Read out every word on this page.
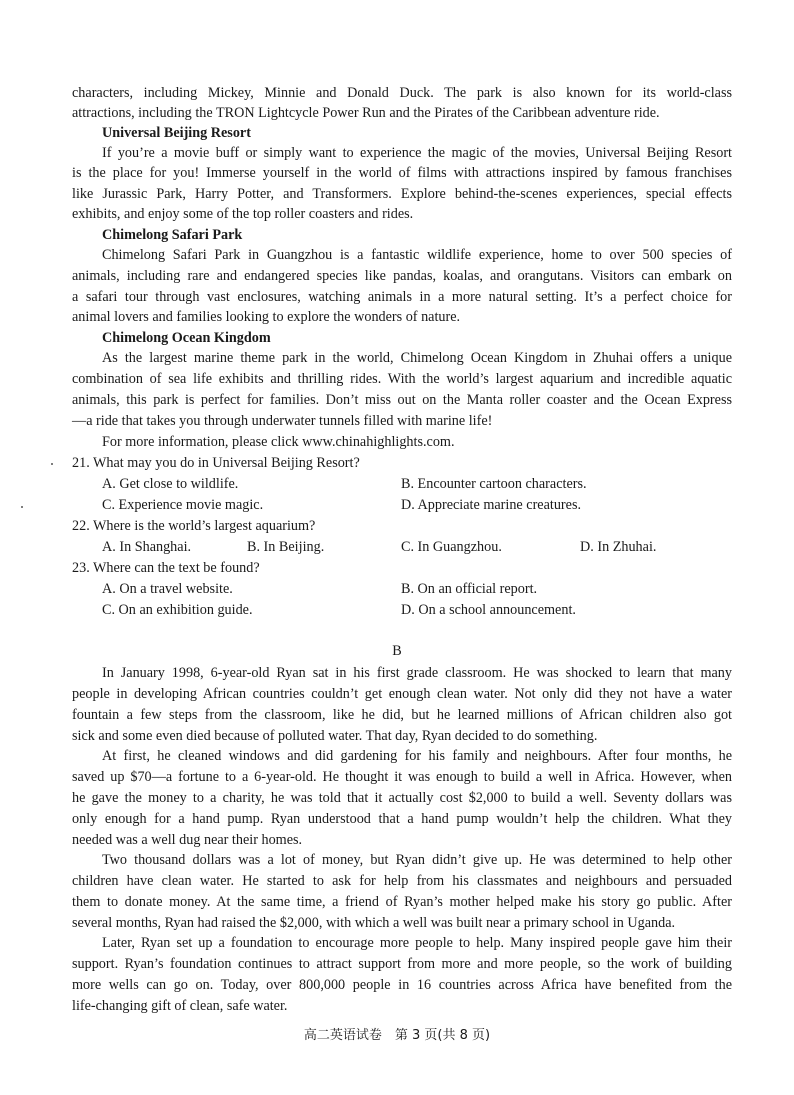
characters, including Mickey, Minnie and Donald Duck. The park is also known for its world-class
attractions, including the TRON Lightcycle Power Run and the Pirates of the Caribbean adventure ride.
Universal Beijing Resort
If you’re a movie buff or simply want to experience the magic of the movies, Universal Beijing Resort
is the place for you! Immerse yourself in the world of films with attractions inspired by famous franchises
like Jurassic Park, Harry Potter, and Transformers. Explore behind-the-scenes experiences, special effects
exhibits, and enjoy some of the top roller coasters and rides.
Chimelong Safari Park
Chimelong Safari Park in Guangzhou is a fantastic wildlife experience, home to over 500 species of
animals, including rare and endangered species like pandas, koalas, and orangutans. Visitors can embark on
a safari tour through vast enclosures, watching animals in a more natural setting. It’s a perfect choice for
animal lovers and families looking to explore the wonders of nature.
Chimelong Ocean Kingdom
As the largest marine theme park in the world, Chimelong Ocean Kingdom in Zhuhai offers a unique
combination of sea life exhibits and thrilling rides. With the world’s largest aquarium and incredible aquatic
animals, this park is perfect for families. Don’t miss out on the Manta roller coaster and the Ocean Express
—a ride that takes you through underwater tunnels filled with marine life!
For more information, please click www.chinahighlights.com.
21. What may you do in Universal Beijing Resort?
A. Get close to wildlife.	B. Encounter cartoon characters.
C. Experience movie magic.	D. Appreciate marine creatures.
22. Where is the world’s largest aquarium?
A. In Shanghai.	B. In Beijing.	C. In Guangzhou.	D. In Zhuhai.
23. Where can the text be found?
A. On a travel website.	B. On an official report.
C. On an exhibition guide.	D. On a school announcement.
B
In January 1998, 6-year-old Ryan sat in his first grade classroom. He was shocked to learn that many
people in developing African countries couldn’t get enough clean water. Not only did they not have a water
fountain a few steps from the classroom, like he did, but he learned millions of African children also got
sick and some even died because of polluted water. That day, Ryan decided to do something.
At first, he cleaned windows and did gardening for his family and neighbours. After four months, he
saved up $70—a fortune to a 6-year-old. He thought it was enough to build a well in Africa. However, when
he gave the money to a charity, he was told that it actually cost $2,000 to build a well. Seventy dollars was
only enough for a hand pump. Ryan understood that a hand pump wouldn’t help the children. What they
needed was a well dug near their homes.
Two thousand dollars was a lot of money, but Ryan didn’t give up. He was determined to help other
children have clean water. He started to ask for help from his classmates and neighbours and persuaded
them to donate money. At the same time, a friend of Ryan’s mother helped make his story go public. After
several months, Ryan had raised the $2,000, with which a well was built near a primary school in Uganda.
Later, Ryan set up a foundation to encourage more people to help. Many inspired people gave him their
support. Ryan’s foundation continues to attract support from more and more people, so the work of building
more wells can go on. Today, over 800,000 people in 16 countries across Africa have benefited from the
life-changing gift of clean, safe water.
高二英语试卷　第 3 页(共 8 页)
